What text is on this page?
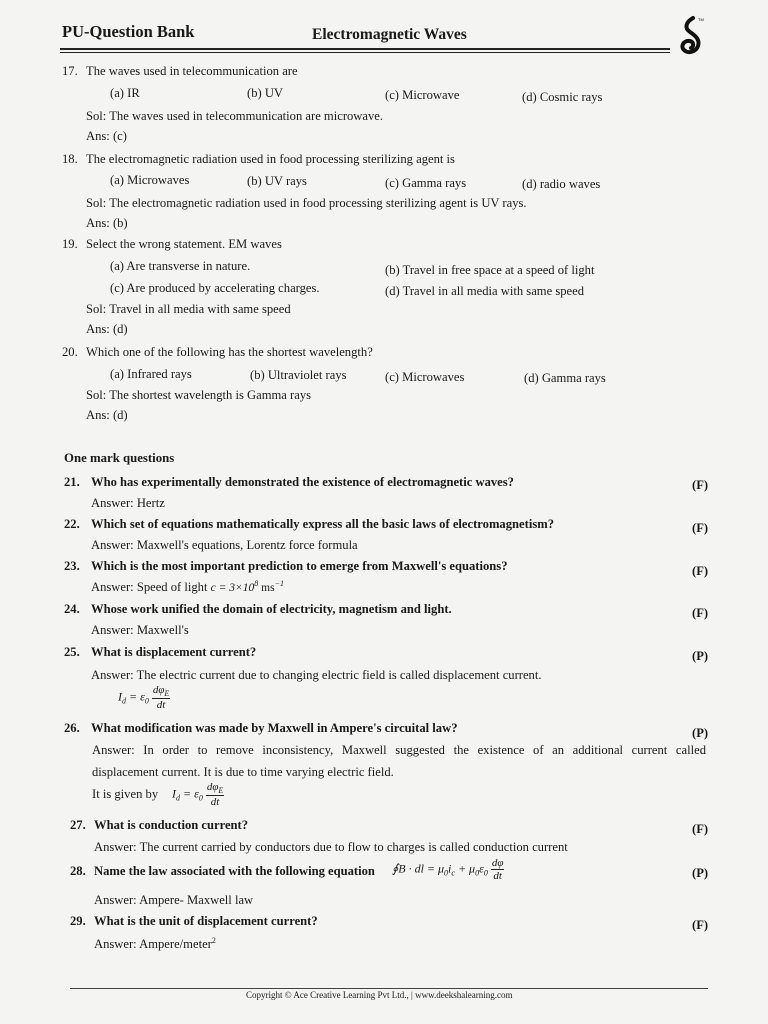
PU-Question Bank	Electromagnetic Waves
TM
17. The waves used in telecommunication are
(a) IR	(b) UV	(c) Microwave	(d) Cosmic rays
Sol: The waves used in telecommunication are microwave.
Ans: (c)
18. The electromagnetic radiation used in food processing sterilizing agent is
(a) Microwaves	(b) UV rays	(c) Gamma rays	(d) radio waves
Sol: The electromagnetic radiation used in food processing sterilizing agent is UV rays.
Ans: (b)
19. Select the wrong statement. EM waves
(a) Are transverse in nature.	(b) Travel in free space at a speed of light
(c) Are produced by accelerating charges.	(d) Travel in all media with same speed
Sol: Travel in all media with same speed
Ans: (d)
20. Which one of the following has the shortest wavelength?
(a) Infrared rays	(b) Ultraviolet rays	(c) Microwaves	(d) Gamma rays
Sol: The shortest wavelength is Gamma rays
Ans: (d)
One mark questions
21. Who has experimentally demonstrated the existence of electromagnetic waves?	(F)
Answer: Hertz
22. Which set of equations mathematically express all the basic laws of electromagnetism?	(F)
Answer: Maxwell's equations, Lorentz force formula
23. Which is the most important prediction to emerge from Maxwell's equations?	(F)
Answer: Speed of light $c = 3\times 10^8$ $ms^{-1}$
24. Whose work unified the domain of electricity, magnetism and light.	(F)
Answer: Maxwell's
25. What is displacement current?	(P)
Answer: The electric current due to changing electric field is called displacement current.
$I_d = \varepsilon_0 \frac{d\varphi_E}{dt}$
26. What modification was made by Maxwell in Ampere's circuital law?	(P)
Answer: In order to remove inconsistency, Maxwell suggested the existence of an additional current called
displacement current. It is due to time varying electric field.
It is given by $I_d = \varepsilon_0 \frac{d\varphi_E}{dt}$
27. What is conduction current?	(F)
Answer: The current carried by conductors due to flow to charges is called conduction current
28. Name the law associated with the following equation ∮B · dl = $\mu_0i_c + \mu_0\varepsilon_0 \frac{d\varphi}{dt}$	(P)
Answer: Ampere- Maxwell law
29. What is the unit of displacement current?	(F)
Answer: Ampere/meter$^2$
Copyright © Ace Creative Learning Pvt Ltd., | www.deekshalearning.com
